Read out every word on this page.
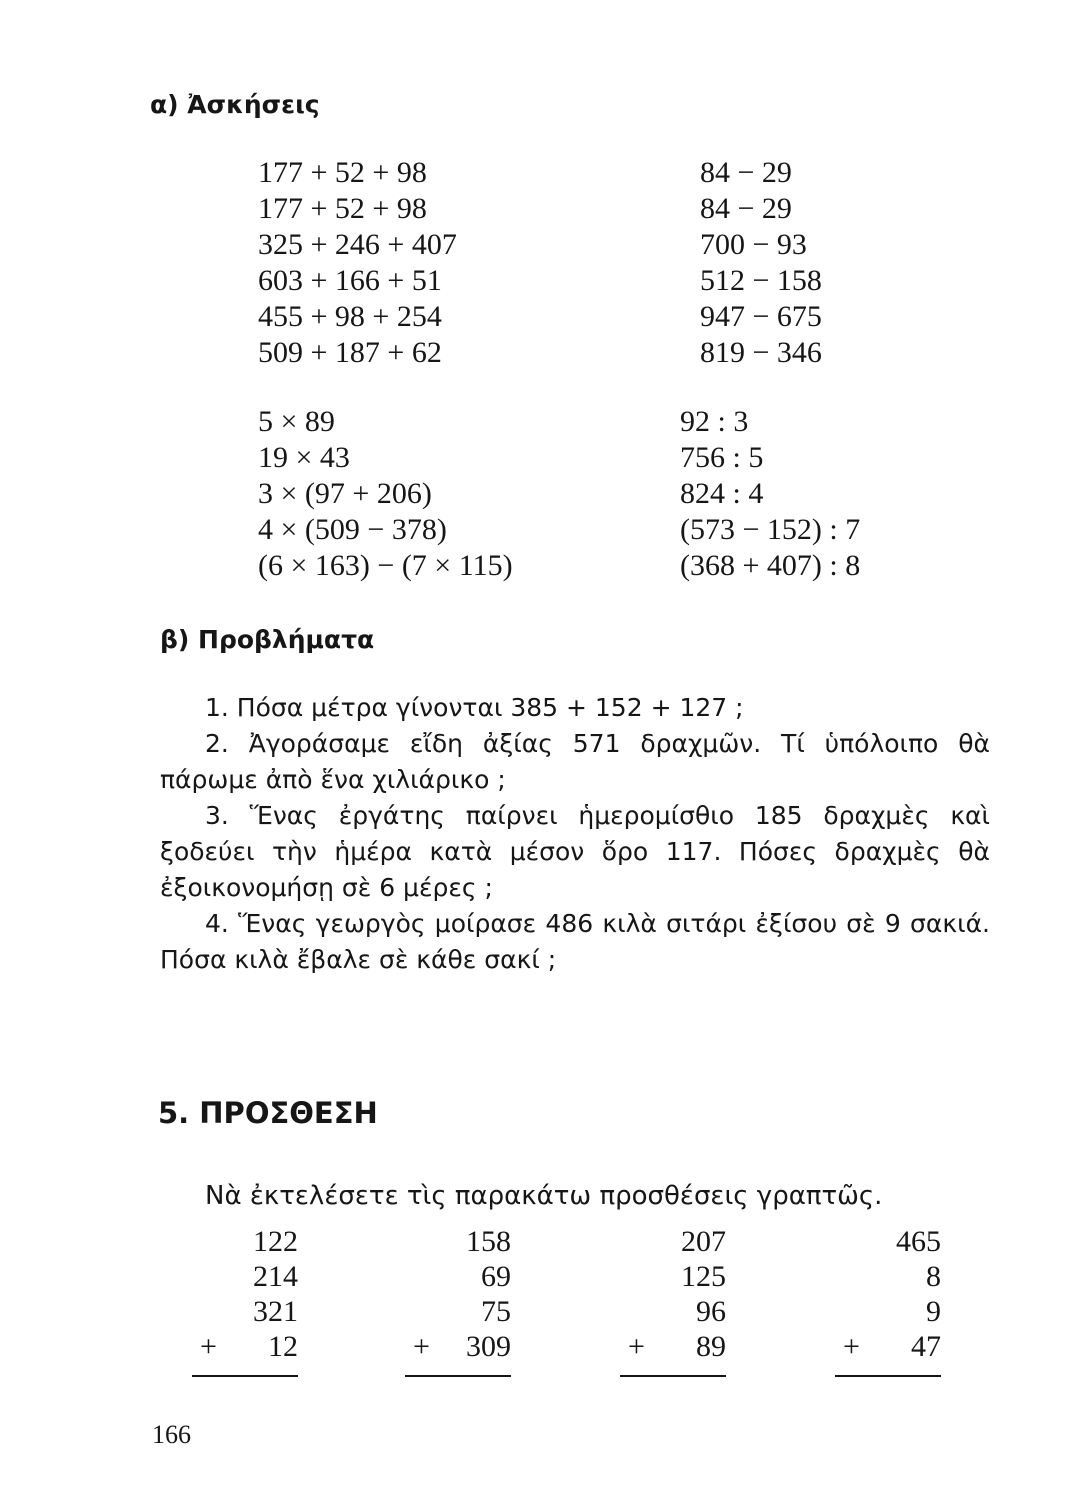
α) Ἀσκήσεις
177 + 52 + 98
177 + 52 + 98
325 + 246 + 407
603 + 166 + 51
455 + 98 + 254
509 + 187 + 62
84 − 29
84 − 29
700 − 93
512 − 158
947 − 675
819 − 346
5 × 89
19 × 43
3 × (97 + 206)
4 × (509 − 378)
(6 × 163) − (7 × 115)
92 : 3
756 : 5
824 : 4
(573 − 152) : 7
(368 + 407) : 8
β) Προβλήματα

1. Πόσα μέτρα γίνονται 385 + 152 + 127 ;

2. Ἀγοράσαμε εἴδη ἀξίας 571 δραχμῶν. Τί ὑπόλοιπο θὰ πάρωμε ἀπὸ ἕνα χιλιάρικο ;

3. Ἕνας ἐργάτης παίρνει ἡμερομίσθιο 185 δραχμὲς καὶ ξοδεύει τὴν ἡμέρα κατὰ μέσον ὅρο 117. Πόσες δραχμὲς θὰ ἐξοικονομήσῃ σὲ 6 μέρες ;

4. Ἕνας γεωργὸς μοίρασε 486 κιλὰ σιτάρι ἐξίσου σὲ 9 σακιά. Πόσα κιλὰ ἔβαλε σὲ κάθε σακί ;

5. ΠΡΟΣΘΕΣΗ
Νὰ ἐκτελέσετε τὶς παρακάτω προσθέσεις γραπτῶς.
122
214
321
+ 12
158
69
75
+ 309
207
125
96
+ 89
465
8
9
+ 47
166
